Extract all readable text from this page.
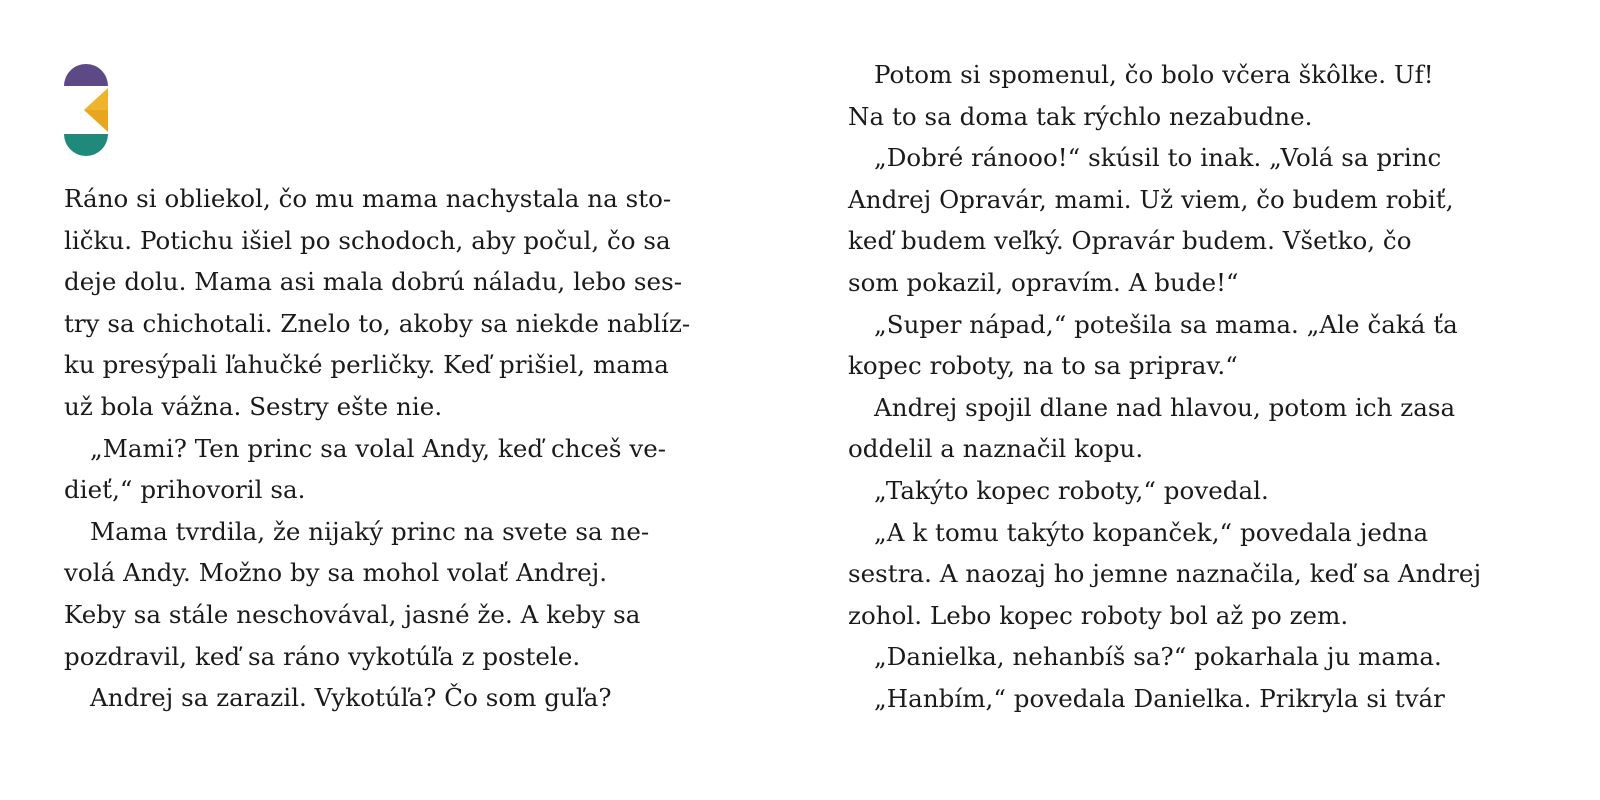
Ráno si obliekol, čo mu mama nachystala na sto-
ličku. Potichu išiel po schodoch, aby počul, čo sa
deje dolu. Mama asi mala dobrú náladu, lebo ses-
try sa chichotali. Znelo to, akoby sa niekde nablíz-
ku presýpali ľahučké perličky. Keď prišiel, mama
už bola vážna. Sestry ešte nie.
„Mami? Ten princ sa volal Andy, keď chceš ve-
dieť,“ prihovoril sa.
Mama tvrdila, že nijaký princ na svete sa ne-
volá Andy. Možno by sa mohol volať Andrej.
Keby sa stále neschovával, jasné že. A keby sa
pozdravil, keď sa ráno vykotúľa z postele.
Andrej sa zarazil. Vykotúľa? Čo som guľa?
Potom si spomenul, čo bolo včera škôlke. Uf!
Na to sa doma tak rýchlo nezabudne.
„Dobré ránooo!“ skúsil to inak. „Volá sa princ
Andrej Opravár, mami. Už viem, čo budem robiť,
keď budem veľký. Opravár budem. Všetko, čo
som pokazil, opravím. A bude!“
„Super nápad,“ potešila sa mama. „Ale čaká ťa
kopec roboty, na to sa priprav.“
Andrej spojil dlane nad hlavou, potom ich zasa
oddelil a naznačil kopu.
„Takýto kopec roboty,“ povedal.
„A k tomu takýto kopanček,“ povedala jedna
sestra. A naozaj ho jemne naznačila, keď sa Andrej
zohol. Lebo kopec roboty bol až po zem.
„Danielka, nehanbíš sa?“ pokarhala ju mama.
„Hanbím,“ povedala Danielka. Prikryla si tvár
